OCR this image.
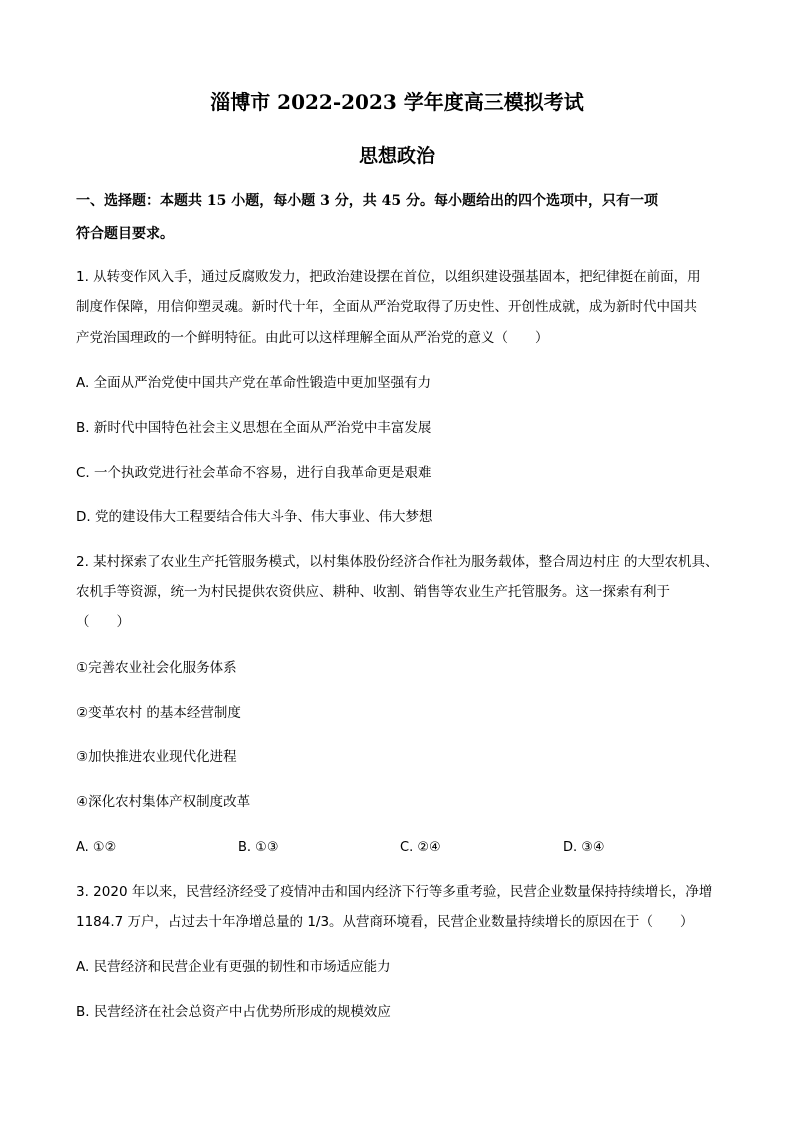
淄博市 2022-2023 学年度高三模拟考试
思想政治
一、选择题：本题共 15 小题，每小题 3 分，共 45 分。每小题给出的四个选项中，只有一项
符合题目要求。
1. 从转变作风入手，通过反腐败发力，把政治建设摆在首位，以组织建设强基固本，把纪律挺在前面，用
制度作保障，用信仰塑灵魂。新时代十年，全面从严治党取得了历史性、开创性成就，成为新时代中国共
产党治国理政的一个鲜明特征。由此可以这样理解全面从严治党的意义（　　）
A. 全面从严治党使中国共产党在革命性锻造中更加坚强有力
B. 新时代中国特色社会主义思想在全面从严治党中丰富发展
C. 一个执政党进行社会革命不容易，进行自我革命更是艰难
D. 党的建设伟大工程要结合伟大斗争、伟大事业、伟大梦想
2. 某村探索了农业生产托管服务模式，以村集体股份经济合作社为服务载体，整合周边村庄 的大型农机具、
农机手等资源，统一为村民提供农资供应、耕种、收割、销售等农业生产托管服务。这一探索有利于
（　　）
①完善农业社会化服务体系
②变革农村 的基本经营制度
③加快推进农业现代化进程
④深化农村集体产权制度改革
A. ①②	B. ①③	C. ②④	D. ③④
3. 2020 年以来，民营经济经受了疫情冲击和国内经济下行等多重考验，民营企业数量保持持续增长，净增
1184.7 万户，占过去十年净增总量的 1/3。从营商环境看，民营企业数量持续增长的原因在于（　　）
A. 民营经济和民营企业有更强的韧性和市场适应能力
B. 民营经济在社会总资产中占优势所形成的规模效应
